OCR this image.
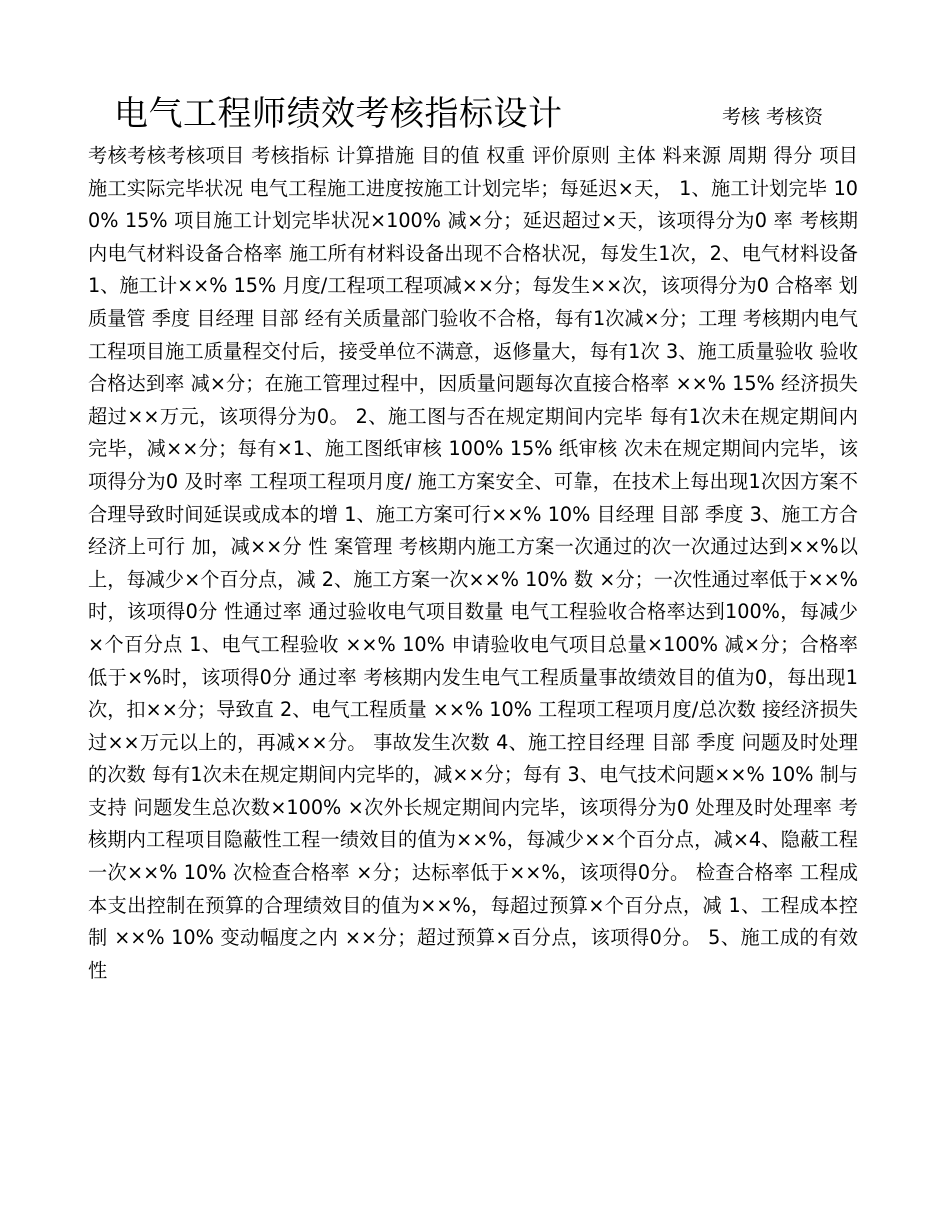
电气工程师绩效考核指标设计	考核 考核资

考核考核考核项目 考核指标 计算措施 目的值 权重 评价原则 主体 料来源 周期 得分 项目施工实际完毕状况 电气工程施工进度按施工计划完毕；每延迟×天， 1、施工计划完毕 100% 15% 项目施工计划完毕状况×100% 减×分；延迟超过×天，该项得分为0 率 考核期内电气材料设备合格率 施工所有材料设备出现不合格状况，每发生1次，2、电气材料设备 1、施工计××% 15% 月度/工程项工程项减××分；每发生××次，该项得分为0 合格率 划质量管 季度 目经理 目部 经有关质量部门验收不合格，每有1次减×分；工理 考核期内电气工程项目施工质量程交付后，接受单位不满意，返修量大，每有1次 3、施工质量验收 验收合格达到率 减×分；在施工管理过程中，因质量问题每次直接合格率 ××% 15% 经济损失超过××万元，该项得分为0。 2、施工图与否在规定期间内完毕 每有1次未在规定期间内完毕，减××分；每有×1、施工图纸审核 100% 15% 纸审核 次未在规定期间内完毕，该项得分为0 及时率 工程项工程项月度/ 施工方案安全、可靠，在技术上每出现1次因方案不合理导致时间延误或成本的增 1、施工方案可行××% 10% 目经理 目部 季度 3、施工方合经济上可行 加，减××分 性 案管理 考核期内施工方案一次通过的次一次通过达到××%以上，每减少×个百分点，减 2、施工方案一次××% 10% 数 ×分；一次性通过率低于××%时，该项得0分 性通过率 通过验收电气项目数量 电气工程验收合格率达到100%，每减少×个百分点 1、电气工程验收 ××% 10% 申请验收电气项目总量×100% 减×分；合格率低于×%时，该项得0分 通过率 考核期内发生电气工程质量事故绩效目的值为0，每出现1次，扣××分；导致直 2、电气工程质量 ××% 10% 工程项工程项月度/总次数 接经济损失过××万元以上的，再减××分。 事故发生次数 4、施工控目经理 目部 季度 问题及时处理的次数 每有1次未在规定期间内完毕的，减××分；每有 3、电气技术问题××% 10% 制与支持 问题发生总次数×100% ×次外长规定期间内完毕，该项得分为0 处理及时处理率 考核期内工程项目隐蔽性工程一绩效目的值为××%，每减少××个百分点，减×4、隐蔽工程一次××% 10% 次检查合格率 ×分；达标率低于××%，该项得0分。 检查合格率 工程成本支出控制在预算的合理绩效目的值为××%，每超过预算×个百分点，减 1、工程成本控制 ××% 10% 变动幅度之内 ××分；超过预算×百分点，该项得0分。 5、施工成的有效性
